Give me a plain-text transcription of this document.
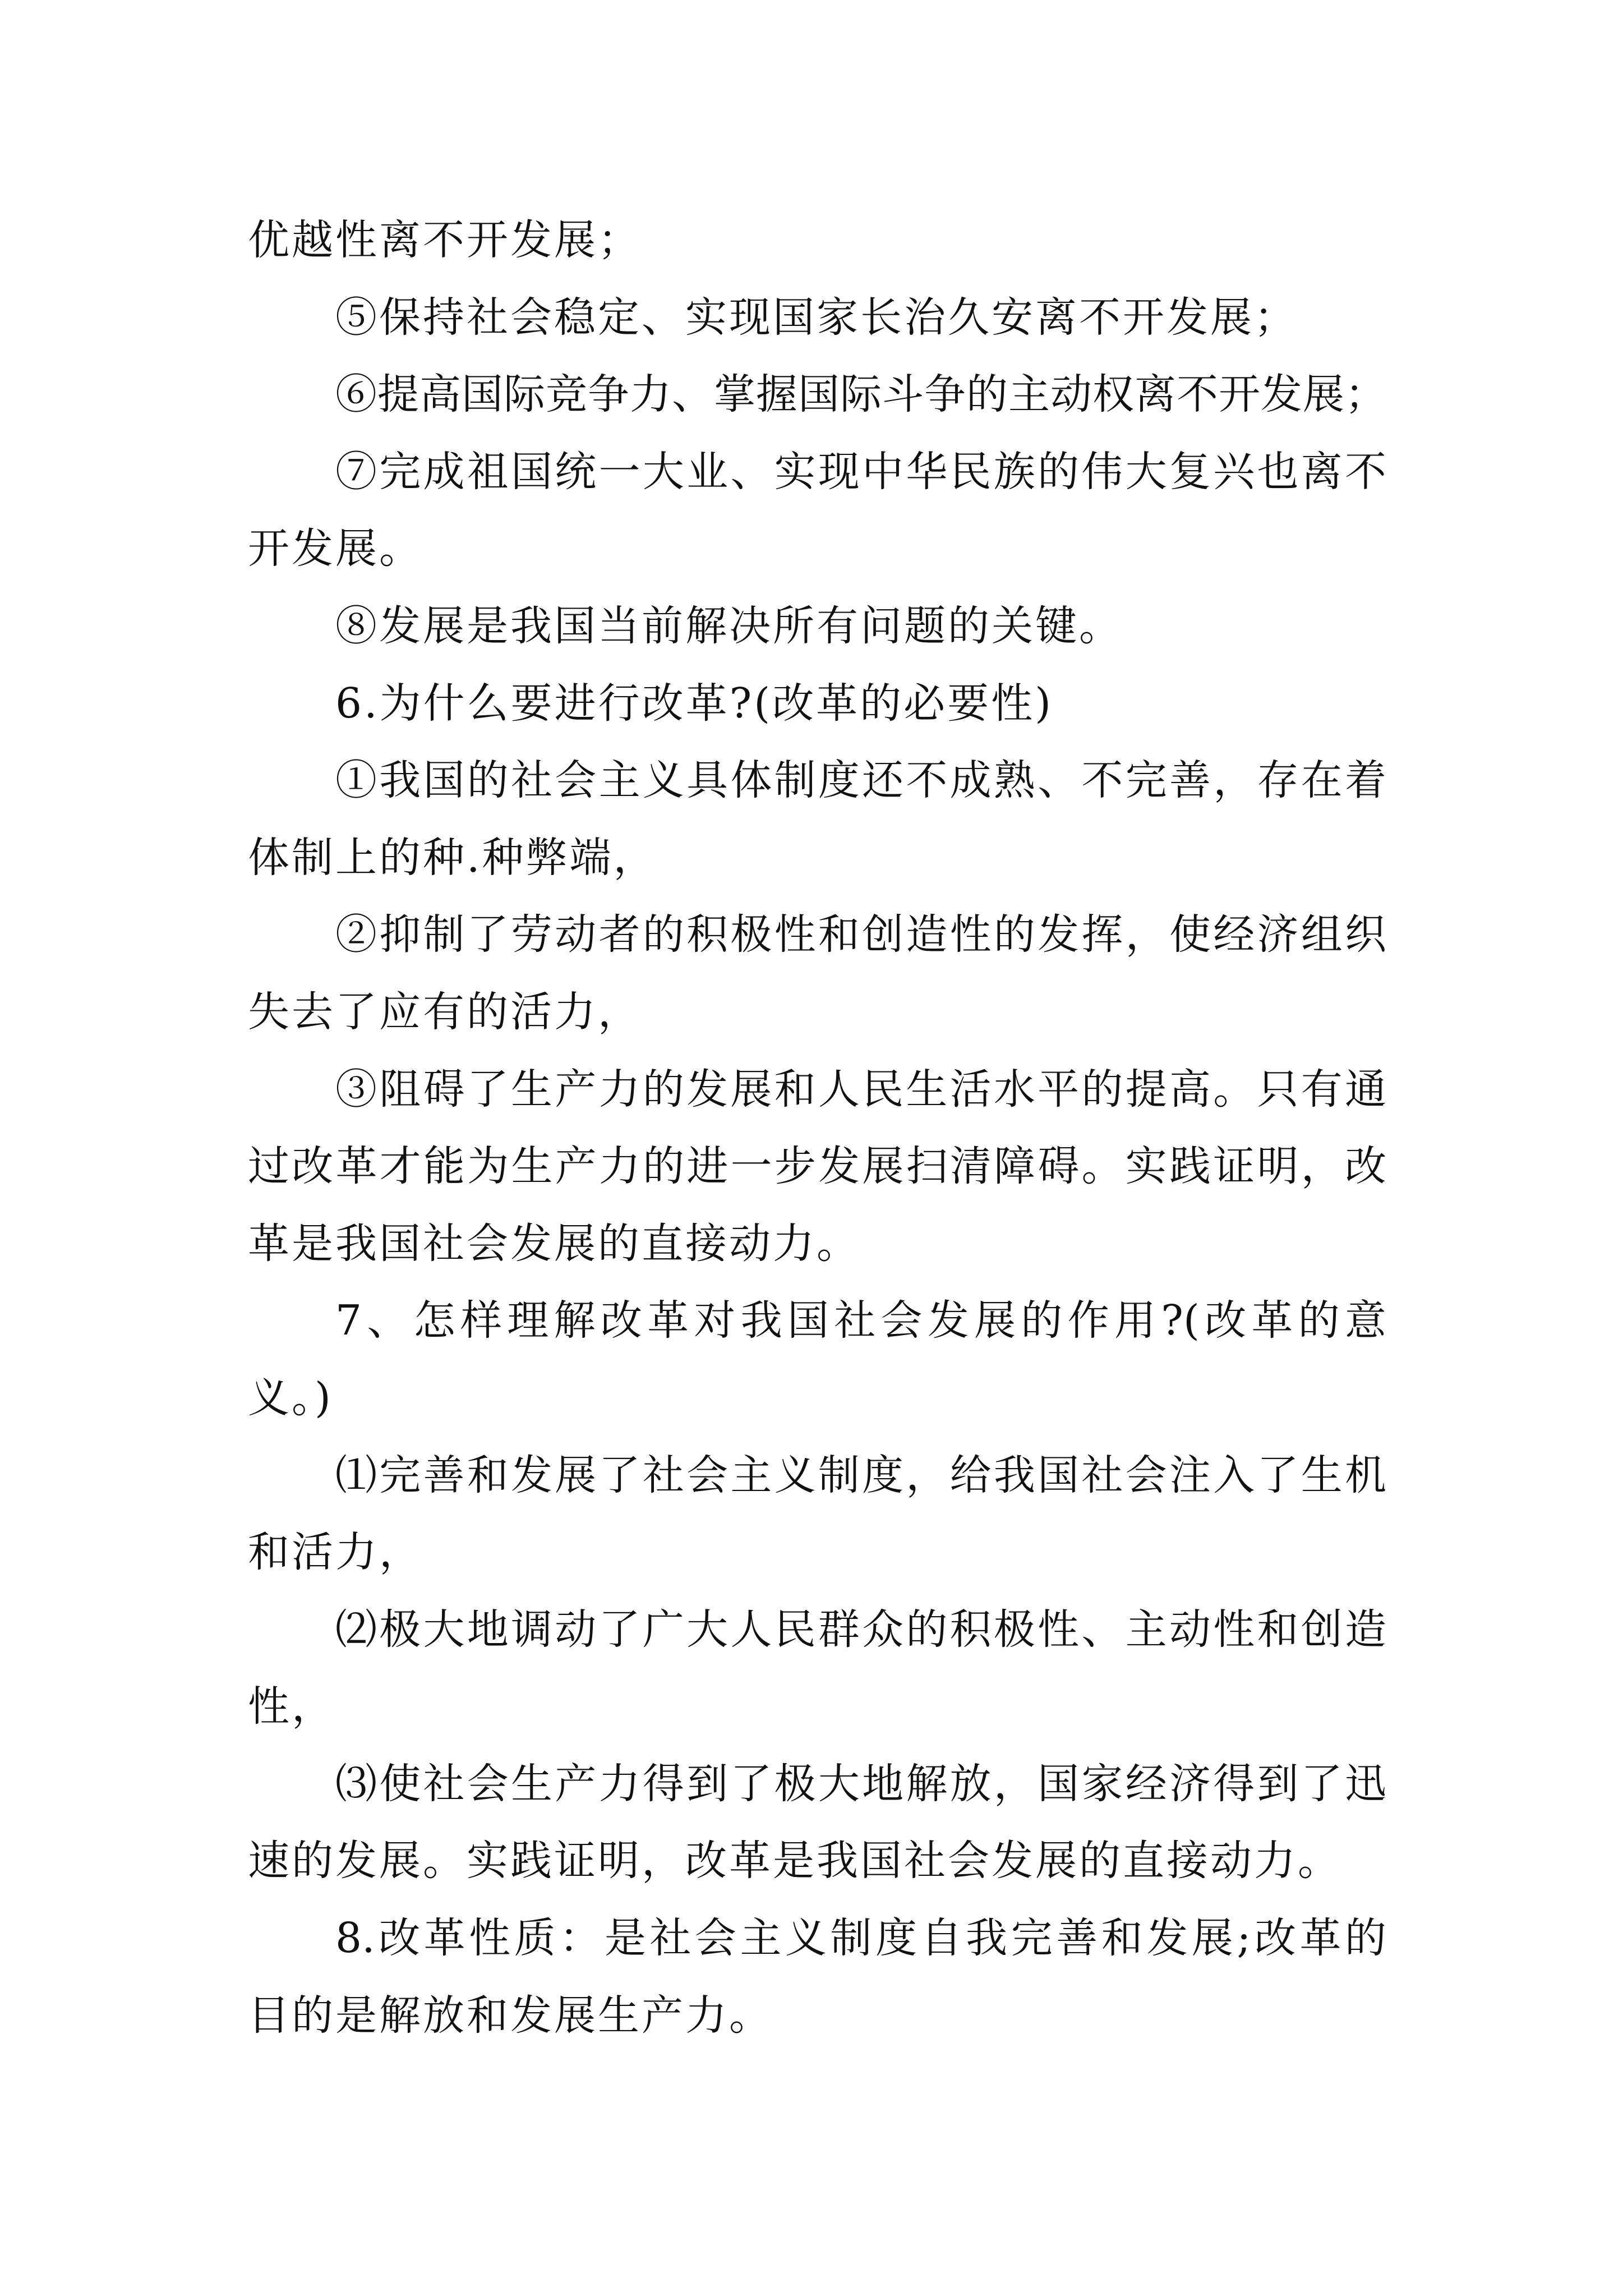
优越性离不开发展；
⑤保持社会稳定、实现国家长治久安离不开发展；
⑥提高国际竞争力、掌握国际斗争的主动权离不开发展；
⑦完成祖国统一大业、实现中华民族的伟大复兴也离不
开发展。
⑧发展是我国当前解决所有问题的关键。
6.为什么要进行改革?(改革的必要性)
①我国的社会主义具体制度还不成熟、不完善，存在着
体制上的种.种弊端，
②抑制了劳动者的积极性和创造性的发挥，使经济组织
失去了应有的活力，
③阻碍了生产力的发展和人民生活水平的提高。只有通
过改革才能为生产力的进一步发展扫清障碍。实践证明，改
革是我国社会发展的直接动力。
7、怎样理解改革对我国社会发展的作用?(改革的意
义。)
⑴完善和发展了社会主义制度，给我国社会注入了生机
和活力，
⑵极大地调动了广大人民群众的积极性、主动性和创造
性，
⑶使社会生产力得到了极大地解放，国家经济得到了迅
速的发展。实践证明，改革是我国社会发展的直接动力。
8.改革性质：是社会主义制度自我完善和发展;改革的
目的是解放和发展生产力。
